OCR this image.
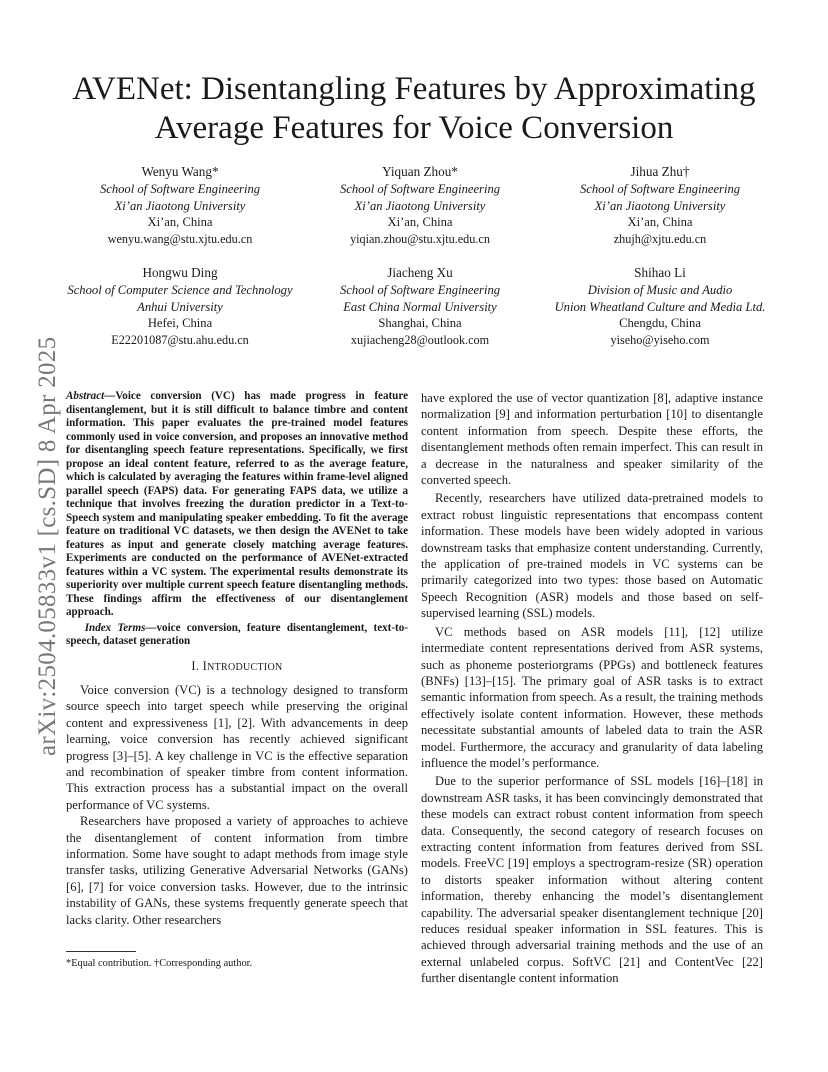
arXiv:2504.05833v1 [cs.SD] 8 Apr 2025
AVENet: Disentangling Features by Approximating
Average Features for Voice Conversion
Wenyu Wang*
School of Software Engineering
Xi’an Jiaotong University
Xi’an, China
wenyu.wang@stu.xjtu.edu.cn
Yiquan Zhou*
School of Software Engineering
Xi’an Jiaotong University
Xi’an, China
yiqian.zhou@stu.xjtu.edu.cn
Jihua Zhu†
School of Software Engineering
Xi’an Jiaotong University
Xi’an, China
zhujh@xjtu.edu.cn
Hongwu Ding
School of Computer Science and Technology
Anhui University
Hefei, China
E22201087@stu.ahu.edu.cn
Jiacheng Xu
School of Software Engineering
East China Normal University
Shanghai, China
xujiacheng28@outlook.com
Shihao Li
Division of Music and Audio
Union Wheatland Culture and Media Ltd.
Chengdu, China
yiseho@yiseho.com
Abstract—Voice conversion (VC) has made progress in feature disentanglement, but it is still difficult to balance timbre and content information. This paper evaluates the pre-trained model features commonly used in voice conversion, and proposes an innovative method for disentangling speech feature representations. Specifically, we first propose an ideal content feature, referred to as the average feature, which is calculated by averaging the features within frame-level aligned parallel speech (FAPS) data. For generating FAPS data, we utilize a technique that involves freezing the duration predictor in a Text-to-Speech system and manipulating speaker embedding. To fit the average feature on traditional VC datasets, we then design the AVENet to take features as input and generate closely matching average features. Experiments are conducted on the performance of AVENet-extracted features within a VC system. The experimental results demonstrate its superiority over multiple current speech feature disentangling methods. These findings affirm the effectiveness of our disentanglement approach.
Index Terms—voice conversion, feature disentanglement, text-to-speech, dataset generation
I. INTRODUCTION

Voice conversion (VC) is a technology designed to transform source speech into target speech while preserving the original content and expressiveness [1], [2]. With advancements in deep learning, voice conversion has recently achieved significant progress [3]–[5]. A key challenge in VC is the effective separation and recombination of speaker timbre from content information. This extraction process has a substantial impact on the overall performance of VC systems.

Researchers have proposed a variety of approaches to achieve the disentanglement of content information from timbre information. Some have sought to adapt methods from image style transfer tasks, utilizing Generative Adversarial Networks (GANs) [6], [7] for voice conversion tasks. However, due to the intrinsic instability of GANs, these systems frequently generate speech that lacks clarity. Other researchers

have explored the use of vector quantization [8], adaptive instance normalization [9] and information perturbation [10] to disentangle content information from speech. Despite these efforts, the disentanglement methods often remain imperfect. This can result in a decrease in the naturalness and speaker similarity of the converted speech.

Recently, researchers have utilized data-pretrained models to extract robust linguistic representations that encompass content information. These models have been widely adopted in various downstream tasks that emphasize content understanding. Currently, the application of pre-trained models in VC systems can be primarily categorized into two types: those based on Automatic Speech Recognition (ASR) models and those based on self-supervised learning (SSL) models.

VC methods based on ASR models [11], [12] utilize intermediate content representations derived from ASR systems, such as phoneme posteriorgrams (PPGs) and bottleneck features (BNFs) [13]–[15]. The primary goal of ASR tasks is to extract semantic information from speech. As a result, the training methods effectively isolate content information. However, these methods necessitate substantial amounts of labeled data to train the ASR model. Furthermore, the accuracy and granularity of data labeling influence the model’s performance.

Due to the superior performance of SSL models [16]–[18] in downstream ASR tasks, it has been convincingly demonstrated that these models can extract robust content information from speech data. Consequently, the second category of research focuses on extracting content information from features derived from SSL models. FreeVC [19] employs a spectrogram-resize (SR) operation to distorts speaker information without altering content information, thereby enhancing the model’s disentanglement capability. The adversarial speaker disentanglement technique [20] reduces residual speaker information in SSL features. This is achieved through adversarial training methods and the use of an external unlabeled corpus. SoftVC [21] and ContentVec [22] further disentangle content information

*Equal contribution. †Corresponding author.
